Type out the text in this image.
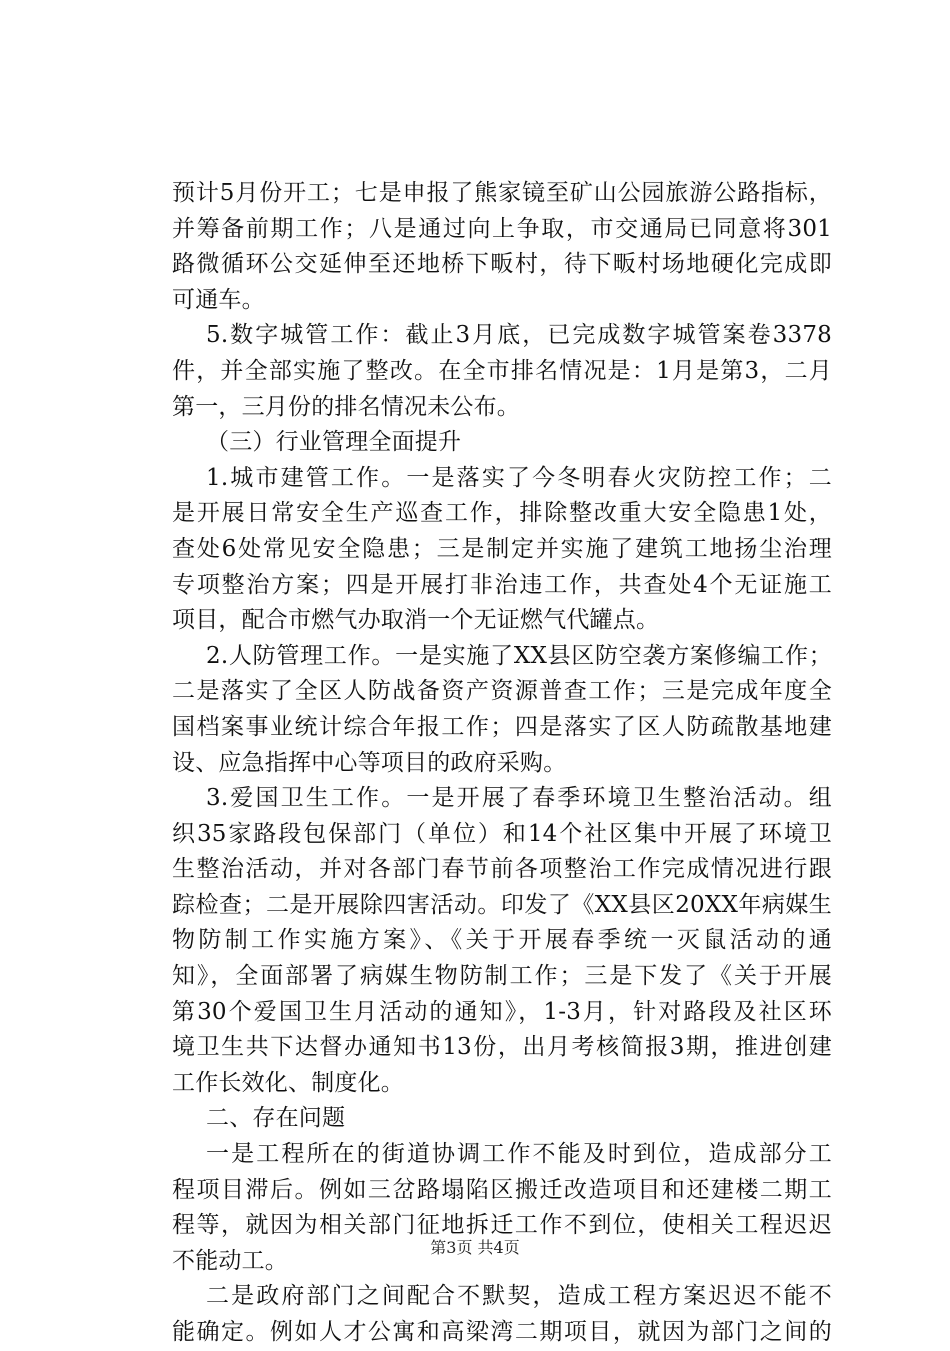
预计5月份开工；七是申报了熊家镜至矿山公园旅游公路指标，
并筹备前期工作；八是通过向上争取，市交通局已同意将301
路微循环公交延伸至还地桥下畈村，待下畈村场地硬化完成即
可通车。
5.数字城管工作：截止3月底，已完成数字城管案卷3378
件，并全部实施了整改。在全市排名情况是：1月是第3，二月
第一，三月份的排名情况未公布。
（三）行业管理全面提升
1.城市建管工作。一是落实了今冬明春火灾防控工作；二
是开展日常安全生产巡查工作，排除整改重大安全隐患1处，
查处6处常见安全隐患；三是制定并实施了建筑工地扬尘治理
专项整治方案；四是开展打非治违工作，共查处4个无证施工
项目，配合市燃气办取消一个无证燃气代罐点。
2.人防管理工作。一是实施了XX县区防空袭方案修编工作；
二是落实了全区人防战备资产资源普查工作；三是完成年度全
国档案事业统计综合年报工作；四是落实了区人防疏散基地建
设、应急指挥中心等项目的政府采购。
3.爱国卫生工作。一是开展了春季环境卫生整治活动。组
织35家路段包保部门（单位）和14个社区集中开展了环境卫
生整治活动，并对各部门春节前各项整治工作完成情况进行跟
踪检查；二是开展除四害活动。印发了《XX县区20XX年病媒生
物防制工作实施方案》、《关于开展春季统一灭鼠活动的通
知》，全面部署了病媒生物防制工作；三是下发了《关于开展
第30个爱国卫生月活动的通知》，1-3月，针对路段及社区环
境卫生共下达督办通知书13份，出月考核简报3期，推进创建
工作长效化、制度化。
二、存在问题
一是工程所在的街道协调工作不能及时到位，造成部分工
程项目滞后。例如三岔路塌陷区搬迁改造项目和还建楼二期工
程等，就因为相关部门征地拆迁工作不到位，使相关工程迟迟
不能动工。
二是政府部门之间配合不默契，造成工程方案迟迟不能不
能确定。例如人才公寓和高梁湾二期项目，就因为部门之间的
第3页 共4页
